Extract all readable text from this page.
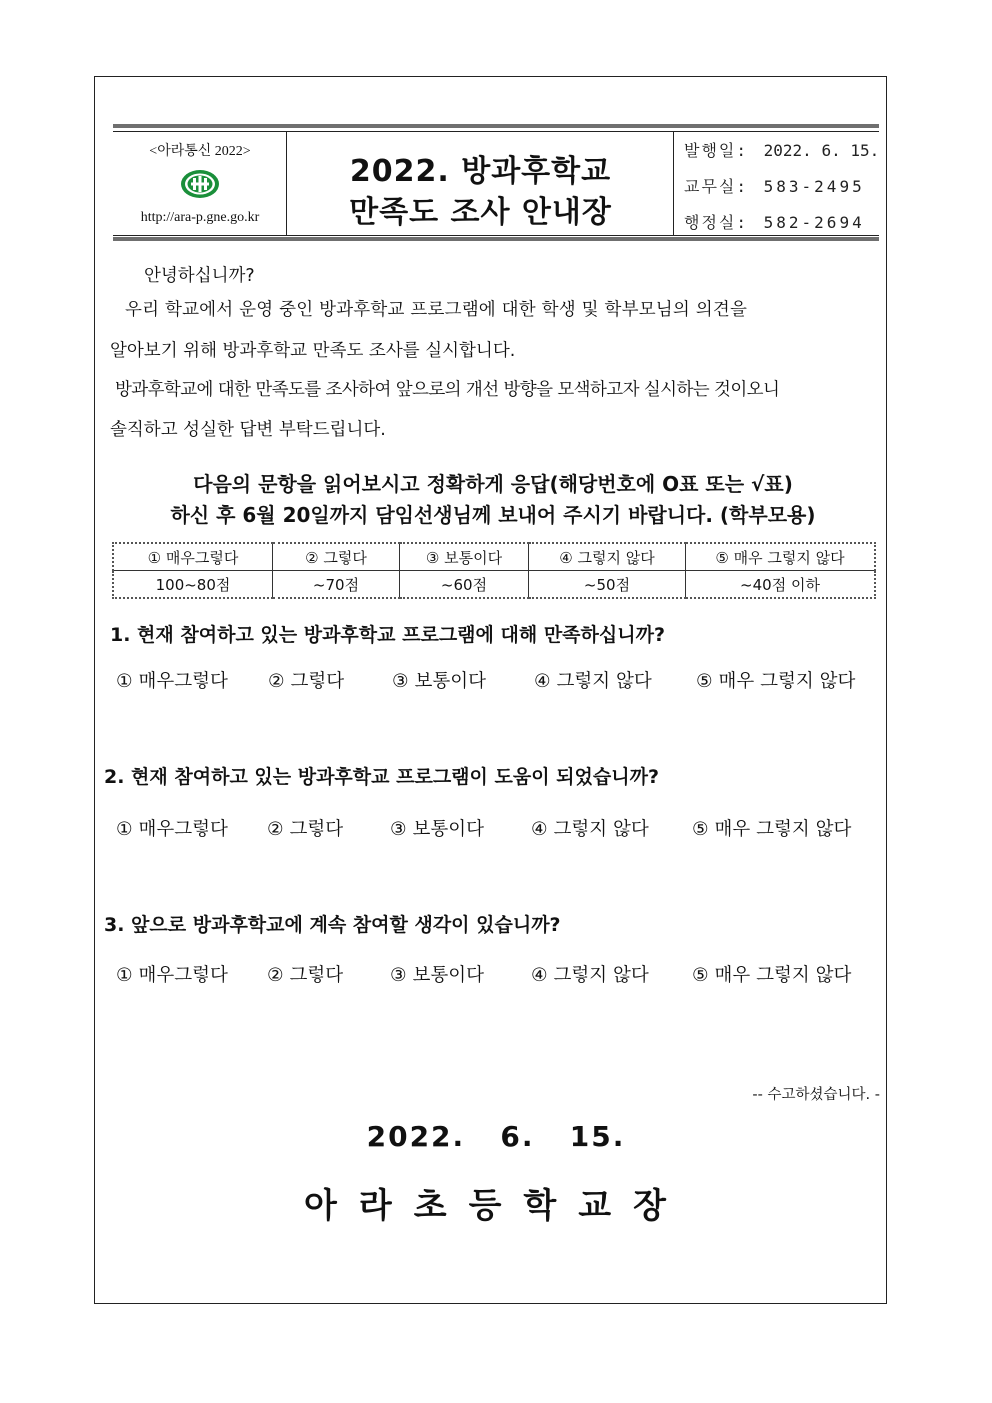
<아라통신 2022>
http://ara-p.gne.go.kr
2022. 방과후학교
만족도 조사 안내장
발행일: 2022. 6. 15.
교무실: 583-2495
행정실: 582-2694
안녕하십니까?
우리 학교에서 운영 중인 방과후학교 프로그램에 대한 학생 및 학부모님의 의견을
알아보기 위해 방과후학교 만족도 조사를 실시합니다.
방과후학교에 대한 만족도를 조사하여 앞으로의 개선 방향을 모색하고자 실시하는 것이오니
솔직하고 성실한 답변 부탁드립니다.
다음의 문항을 읽어보시고 정확하게 응답(해당번호에 O표 또는 √표)
하신 후 6월 20일까지 담임선생님께 보내어 주시기 바랍니다. (학부모용)
① 매우그렇다	② 그렇다	③ 보통이다	④ 그렇지 않다	⑤ 매우 그렇지 않다
100~80점	~70점	~60점	~50점	~40점 이하
1. 현재 참여하고 있는 방과후학교 프로그램에 대해 만족하십니까?
① 매우그렇다 ② 그렇다	③ 보통이다	④ 그렇지 않다 ⑤ 매우 그렇지 않다
2. 현재 참여하고 있는 방과후학교 프로그램이 도움이 되었습니까?
① 매우그렇다 ② 그렇다	③ 보통이다	④ 그렇지 않다 ⑤ 매우 그렇지 않다
3. 앞으로 방과후학교에 계속 참여할 생각이 있습니까?
① 매우그렇다 ② 그렇다	③ 보통이다	④ 그렇지 않다 ⑤ 매우 그렇지 않다
-- 수고하셨습니다. -
2022.   6.   15.
아라초등학교장
